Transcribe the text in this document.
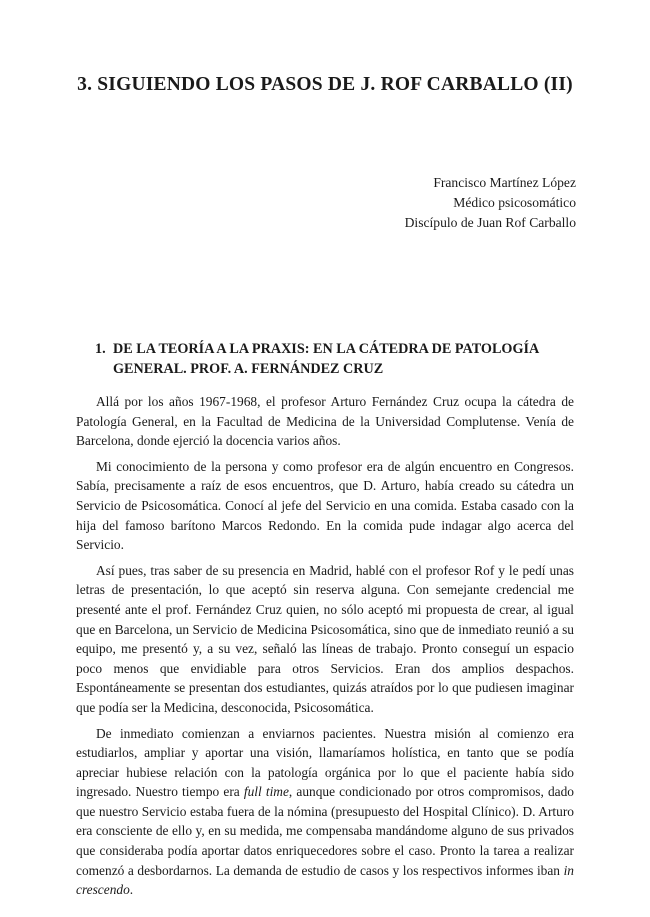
3. SIGUIENDO LOS PASOS DE J. ROF CARBALLO (II)
Francisco Martínez López
Médico psicosomático
Discípulo de Juan Rof Carballo
1. DE LA TEORÍA A LA PRAXIS: EN LA CÁTEDRA DE PATOLOGÍA GENERAL. PROF. A. FERNÁNDEZ CRUZ

Allá por los años 1967-1968, el profesor Arturo Fernández Cruz ocupa la cátedra de Patología General, en la Facultad de Medicina de la Universidad Complutense. Venía de Barcelona, donde ejerció la docencia varios años.

Mi conocimiento de la persona y como profesor era de algún encuentro en Congresos. Sabía, precisamente a raíz de esos encuentros, que D. Arturo, había creado su cátedra un Servicio de Psicosomática. Conocí al jefe del Servicio en una comida. Estaba casado con la hija del famoso barítono Marcos Redondo. En la comida pude indagar algo acerca del Servicio.

Así pues, tras saber de su presencia en Madrid, hablé con el profesor Rof y le pedí unas letras de presentación, lo que aceptó sin reserva alguna. Con semejante credencial me presenté ante el prof. Fernández Cruz quien, no sólo aceptó mi propuesta de crear, al igual que en Barcelona, un Servicio de Medicina Psicosomática, sino que de inmediato reunió a su equipo, me presentó y, a su vez, señaló las líneas de trabajo. Pronto conseguí un espacio poco menos que envidiable para otros Servicios. Eran dos amplios despachos. Espontáneamente se presentan dos estudiantes, quizás atraídos por lo que pudiesen imaginar que podía ser la Medicina, desconocida, Psicosomática.

De inmediato comienzan a enviarnos pacientes. Nuestra misión al comienzo era estudiarlos, ampliar y aportar una visión, llamaríamos holística, en tanto que se podía apreciar hubiese relación con la patología orgánica por lo que el paciente había sido ingresado. Nuestro tiempo era full time, aunque condicionado por otros compromisos, dado que nuestro Servicio estaba fuera de la nómina (presupuesto del Hospital Clínico). D. Arturo era consciente de ello y, en su medida, me compensaba mandándome alguno de sus privados que consideraba podía aportar datos enriquecedores sobre el caso. Pronto la tarea a realizar comenzó a desbordarnos. La demanda de estudio de casos y los respectivos informes iban in crescendo.
